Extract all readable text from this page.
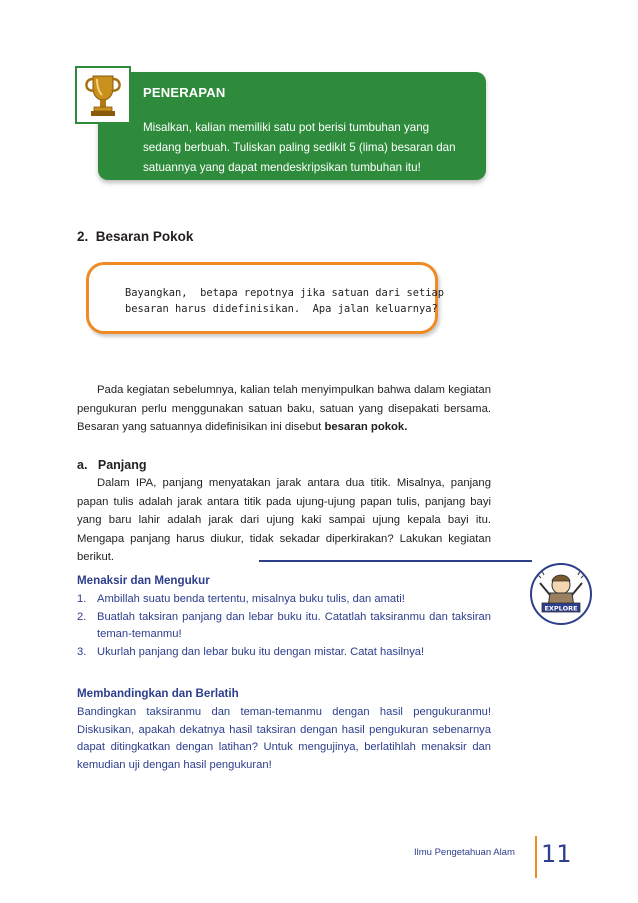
PENERAPAN
Misalkan, kalian memiliki satu pot berisi tumbuhan yang
sedang berbuah. Tuliskan paling sedikit 5 (lima) besaran dan
satuannya yang dapat mendeskripsikan tumbuhan itu!
2. Besaran Pokok
Bayangkan,  betapa repotnya jika satuan dari setiap
besaran harus didefinisikan.  Apa jalan keluarnya?
Pada kegiatan sebelumnya, kalian telah menyimpulkan bahwa dalam kegiatan pengukuran perlu menggunakan satuan baku, satuan yang disepakati bersama. Besaran yang satuannya didefinisikan ini disebut besaran pokok.
a. Panjang
Dalam IPA, panjang menyatakan jarak antara dua titik. Misalnya, panjang papan tulis adalah jarak antara titik pada ujung-ujung papan tulis, panjang bayi yang baru lahir adalah jarak dari ujung kaki sampai ujung kepala bayi itu. Mengapa panjang harus diukur, tidak sekadar diperkirakan? Lakukan kegiatan berikut.
EXPLORE
Menaksir dan Mengukur
1. Ambillah suatu benda tertentu, misalnya buku tulis, dan amati!
2. Buatlah taksiran panjang dan lebar buku itu. Catatlah taksiranmu dan taksiran teman-temanmu!
3. Ukurlah panjang dan lebar buku itu dengan mistar. Catat hasilnya!
Membandingkan dan Berlatih
Bandingkan taksiranmu dan teman-temanmu dengan hasil pengukuranmu! Diskusikan, apakah dekatnya hasil taksiran dengan hasil pengukuran sebenarnya dapat ditingkatkan dengan latihan? Untuk mengujinya, berlatihlah menaksir dan kemudian uji dengan hasil pengukuran!
Ilmu Pengetahuan Alam 11
